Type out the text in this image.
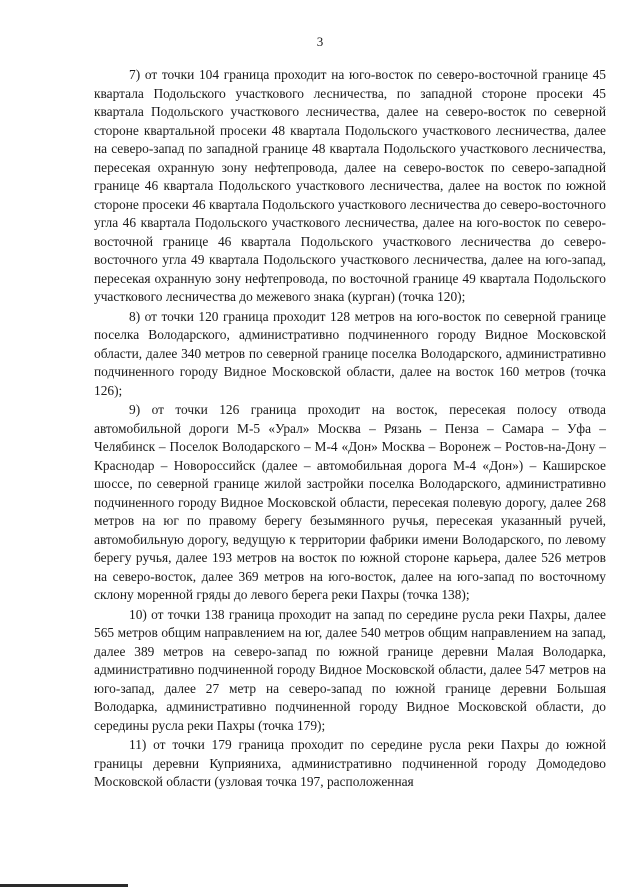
3

7) от точки 104 граница проходит на юго-восток по северо-восточной границе 45 квартала Подольского участкового лесничества, по западной стороне просеки 45 квартала Подольского участкового лесничества, далее на северо-восток по северной стороне квартальной просеки 48 квартала Подольского участкового лесничества, далее на северо-запад по западной границе 48 квартала Подольского участкового лесничества, пересекая охранную зону нефтепровода, далее на северо-восток по северо-западной границе 46 квартала Подольского участкового лесничества, далее на восток по южной стороне просеки 46 квартала Подольского участкового лесничества до северо-восточного угла 46 квартала Подольского участкового лесничества, далее на юго-восток по северо-восточной границе 46 квартала Подольского участкового лесничества до северо-восточного угла 49 квартала Подольского участкового лесничества, далее на юго-запад, пересекая охранную зону нефтепровода, по восточной границе 49 квартала Подольского участкового лесничества до межевого знака (курган) (точка 120);

8) от точки 120 граница проходит 128 метров на юго-восток по северной границе поселка Володарского, административно подчиненного городу Видное Московской области, далее 340 метров по северной границе поселка Володарского, административно подчиненного городу Видное Московской области, далее на восток 160 метров (точка 126);

9) от точки 126 граница проходит на восток, пересекая полосу отвода автомобильной дороги М-5 «Урал» Москва – Рязань – Пенза – Самара – Уфа – Челябинск – Поселок Володарского – М-4 «Дон» Москва – Воронеж – Ростов-на-Дону – Краснодар – Новороссийск (далее – автомобильная дорога М-4 «Дон») – Каширское шоссе, по северной границе жилой застройки поселка Володарского, административно подчиненного городу Видное Московской области, пересекая полевую дорогу, далее 268 метров на юг по правому берегу безымянного ручья, пересекая указанный ручей, автомобильную дорогу, ведущую к территории фабрики имени Володарского, по левому берегу ручья, далее 193 метров на восток по южной стороне карьера, далее 526 метров на северо-восток, далее 369 метров на юго-восток, далее на юго-запад по восточному склону моренной гряды до левого берега реки Пахры (точка 138);

10) от точки 138 граница проходит на запад по середине русла реки Пахры, далее 565 метров общим направлением на юг, далее 540 метров общим направлением на запад, далее 389 метров на северо-запад по южной границе деревни Малая Володарка, административно подчиненной городу Видное Московской области, далее 547 метров на юго-запад, далее 27 метр на северо-запад по южной границе деревни Большая Володарка, административно подчиненной городу Видное Московской области, до середины русла реки Пахры (точка 179);

11) от точки 179 граница проходит по середине русла реки Пахры до южной границы деревни Куприяниха, административно подчиненной городу Домодедово Московской области (узловая точка 197, расположенная
